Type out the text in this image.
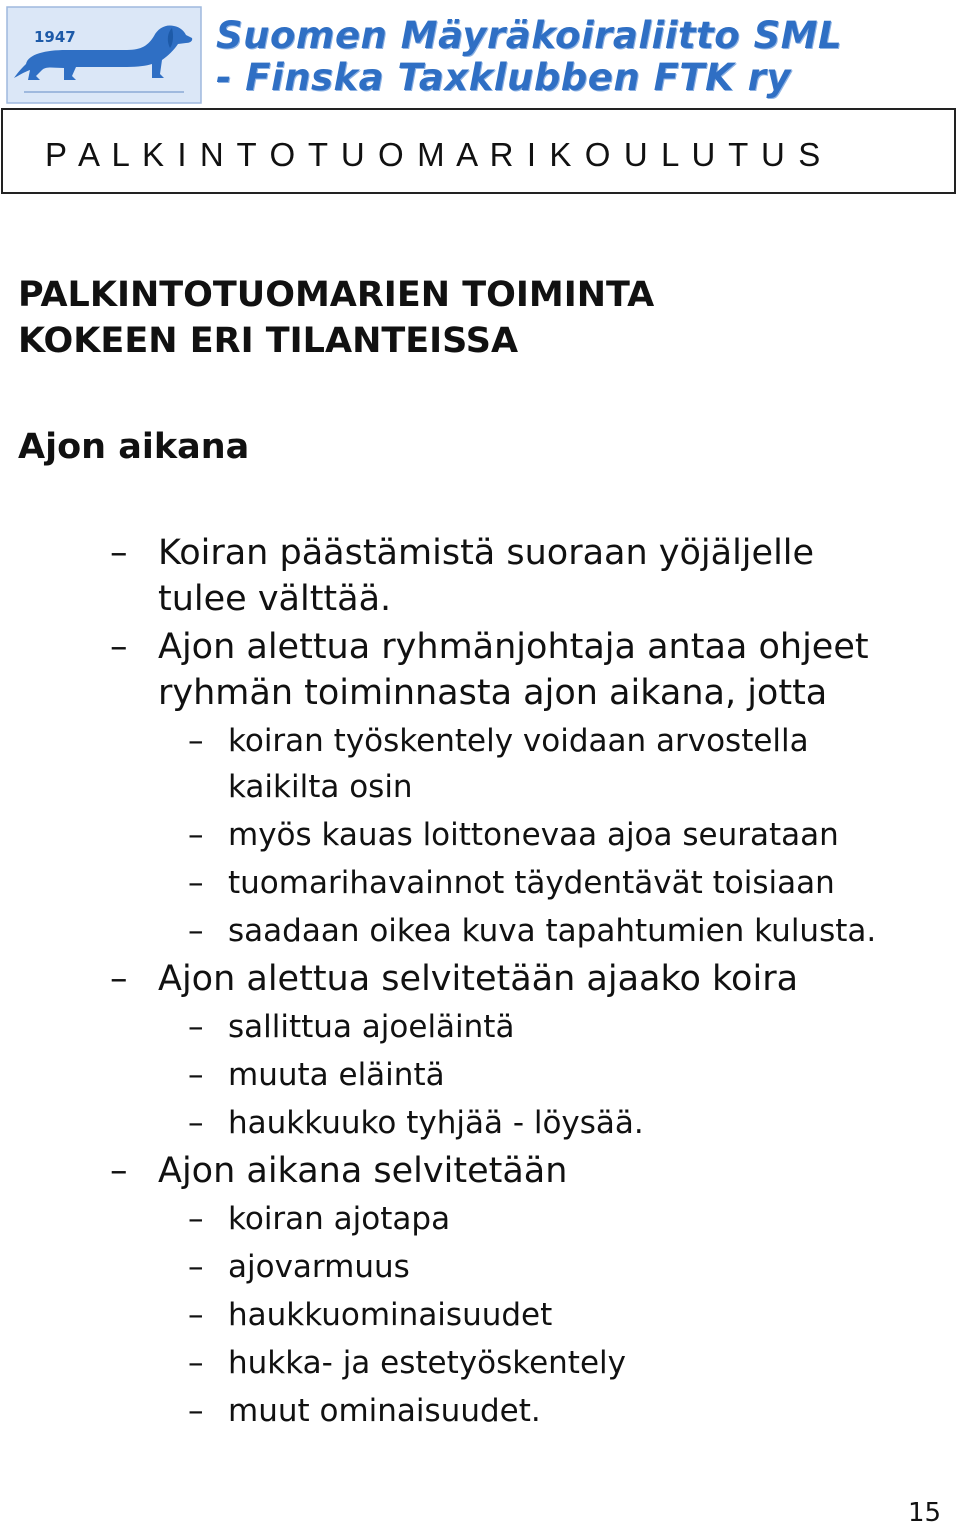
1947	Suomen Mäyräkoiraliitto SML
- Finska Taxklubben FTK ry
P A L K I N T O T U O M A R I K O U L U T U S
PALKINTOTUOMARIEN TOIMINTA
KOKEEN ERI TILANTEISSA
Ajon aikana
– Koiran päästämistä suoraan yöjäljelle
tulee välttää.
– Ajon alettua ryhmänjohtaja antaa ohjeet
ryhmän toiminnasta ajon aikana, jotta
– koiran työskentely voidaan arvostella
kaikilta osin
– myös kauas loittonevaa ajoa seurataan
– tuomarihavainnot täydentävät toisiaan
– saadaan oikea kuva tapahtumien kulusta.
– Ajon alettua selvitetään ajaako koira
– sallittua ajoeläintä
– muuta eläintä
– haukkuuko tyhjää - löysää.
– Ajon aikana selvitetään
– koiran ajotapa
– ajovarmuus
– haukkuominaisuudet
– hukka- ja estetyöskentely
– muut ominaisuudet.
15
